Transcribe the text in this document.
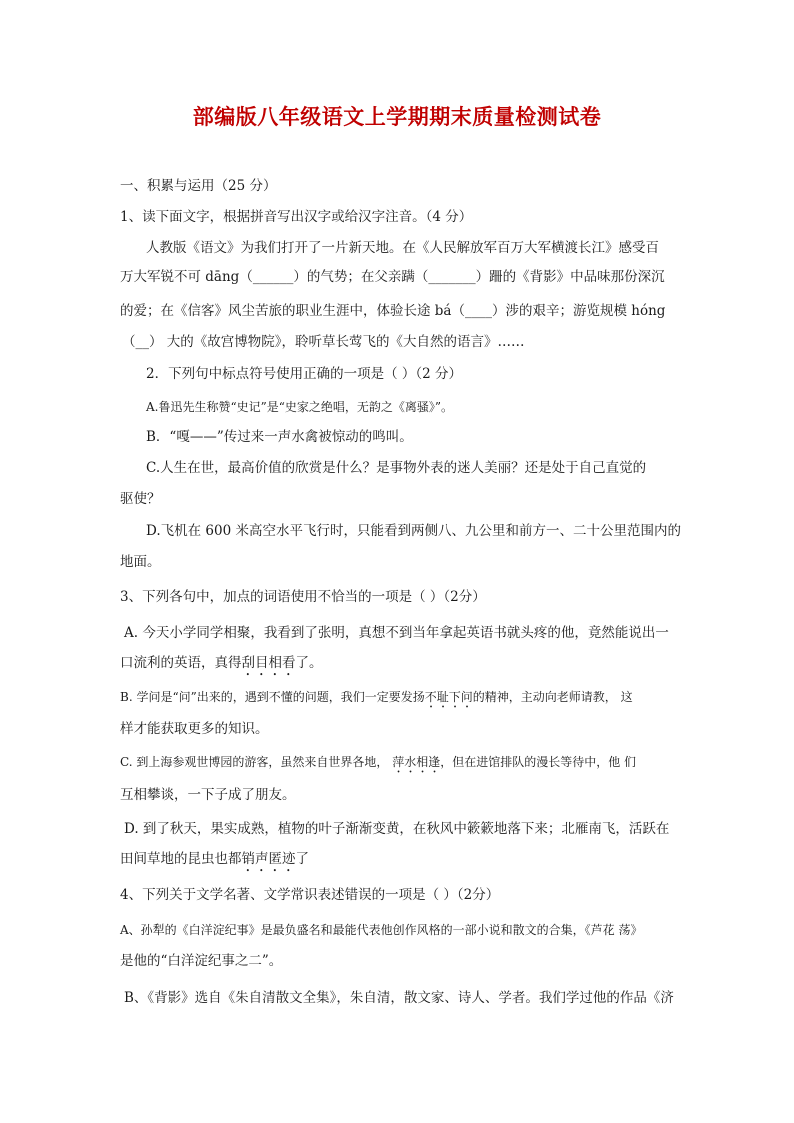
部编版八年级语文上学期期末质量检测试卷
一、积累与运用（25 分）
1、读下面文字，根据拼音写出汉字或给汉字注音。（4 分）
人教版《语文》为我们打开了一片新天地。在《人民解放军百万大军横渡长江》感受百
万大军锐不可 dāng（______）的气势；在父亲蹒（_______）跚的《背影》中品味那份深沉
的爱；在《信客》风尘苦旅的职业生涯中，体验长途 bá（____）涉的艰辛；游览规模 hóng
（__） 大的《故宫博物院》，聆听草长莺飞的《大自然的语言》……
2．下列句中标点符号使用正确的一项是（ ）（2 分）
A.鲁迅先生称赞“史记”是“史家之绝唱，无韵之《离骚》”。
B．“嘎——”传过来一声水禽被惊动的鸣叫。
C.人生在世，最高价值的欣赏是什么？是事物外表的迷人美丽？还是处于自己直觉的
驱使？
D.飞机在 600 米高空水平飞行时，只能看到两侧八、九公里和前方一、二十公里范围内的
地面。
3、下列各句中，加点的词语使用不恰当的一项是（ ）（2分）
A. 今天小学同学相聚，我看到了张明，真想不到当年拿起英语书就头疼的他，竟然能说出一
口流利的英语，真得刮目相看了。
B. 学问是“问”出来的，遇到不懂的问题，我们一定要发扬不耻下问的精神，主动向老师请教， 这
样才能获取更多的知识。
C. 到上海参观世博园的游客，虽然来自世界各地， 萍水相逢，但在进馆排队的漫长等待中，他 们
互相攀谈，一下子成了朋友。
D. 到了秋天，果实成熟，植物的叶子渐渐变黄，在秋风中簌簌地落下来；北雁南飞，活跃在
田间草地的昆虫也都销声匿迹了
4、下列关于文学名著、文学常识表述错误的一项是（ ）（2分）
A、孙犁的《白洋淀纪事》是最负盛名和最能代表他创作风格的一部小说和散文的合集，《芦花 荡》
是他的“白洋淀纪事之二”。
B、《背影》选自《朱自清散文全集》，朱自清，散文家、诗人、学者。我们学过他的作品《济
